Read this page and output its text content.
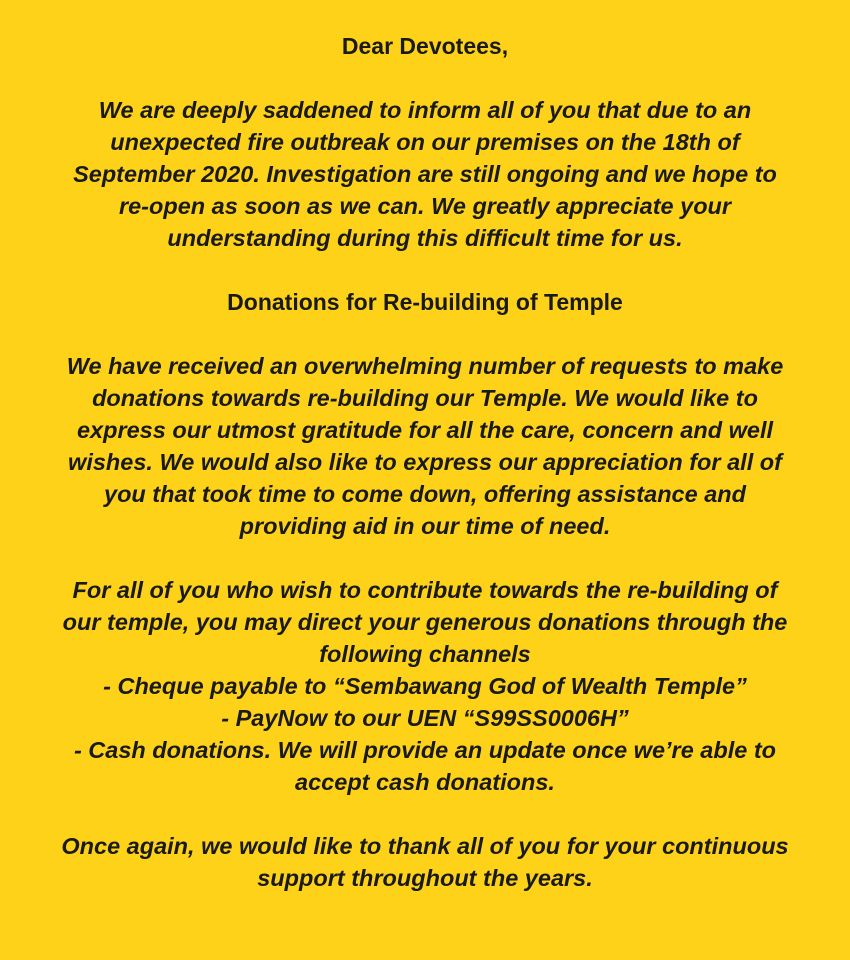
Dear Devotees,

We are deeply saddened to inform all of you that due to an
unexpected fire outbreak on our premises on the 18th of
September 2020. Investigation are still ongoing and we hope to
re-open as soon as we can. We greatly appreciate your
understanding during this difficult time for us.

Donations for Re-building of Temple

We have received an overwhelming number of requests to make
donations towards re-building our Temple. We would like to
express our utmost gratitude for all the care, concern and well
wishes. We would also like to express our appreciation for all of
you that took time to come down, offering assistance and
providing aid in our time of need.

For all of you who wish to contribute towards the re-building of
our temple, you may direct your generous donations through the
following channels
- Cheque payable to “Sembawang God of Wealth Temple”
- PayNow to our UEN “S99SS0006H”
- Cash donations. We will provide an update once we’re able to
accept cash donations.

Once again, we would like to thank all of you for your continuous
support throughout the years.
